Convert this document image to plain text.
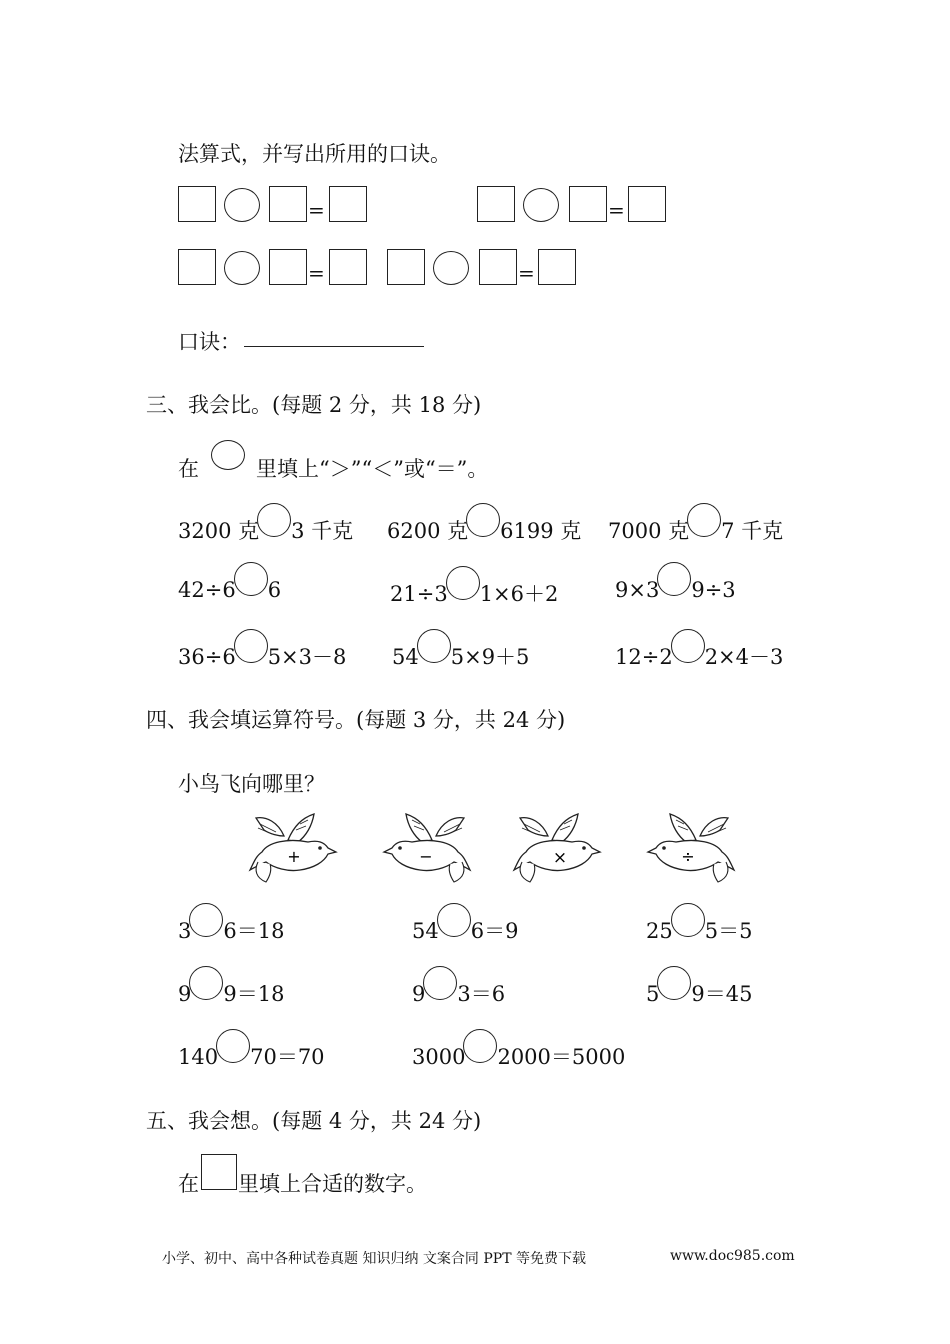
法算式，并写出所用的口诀。
=	=
=	=
口诀：
三、我会比。(每题 2 分，共 18 分)
在	里填上“＞”“＜”或“＝”。
3200 克 3 千克 6200 克 6199 克 7000 克 7 千克
42÷6 6	21÷3 1×6＋2	9×3 9÷3
36÷6 5×3－8 54 5×9＋5	12÷2 2×4－3
四、我会填运算符号。(每题 3 分，共 24 分)
小鸟飞向哪里？
+	−	×	÷
3 6＝18	54 6＝9	25 5＝5
9 9＝18	9 3＝6	5 9＝45
140 70＝70	3000 2000＝5000
五、我会想。(每题 4 分，共 24 分)
在 里填上合适的数字。
小学、初中、高中各种试卷真题 知识归纳 文案合同 PPT 等免费下载	www.doc985.com
